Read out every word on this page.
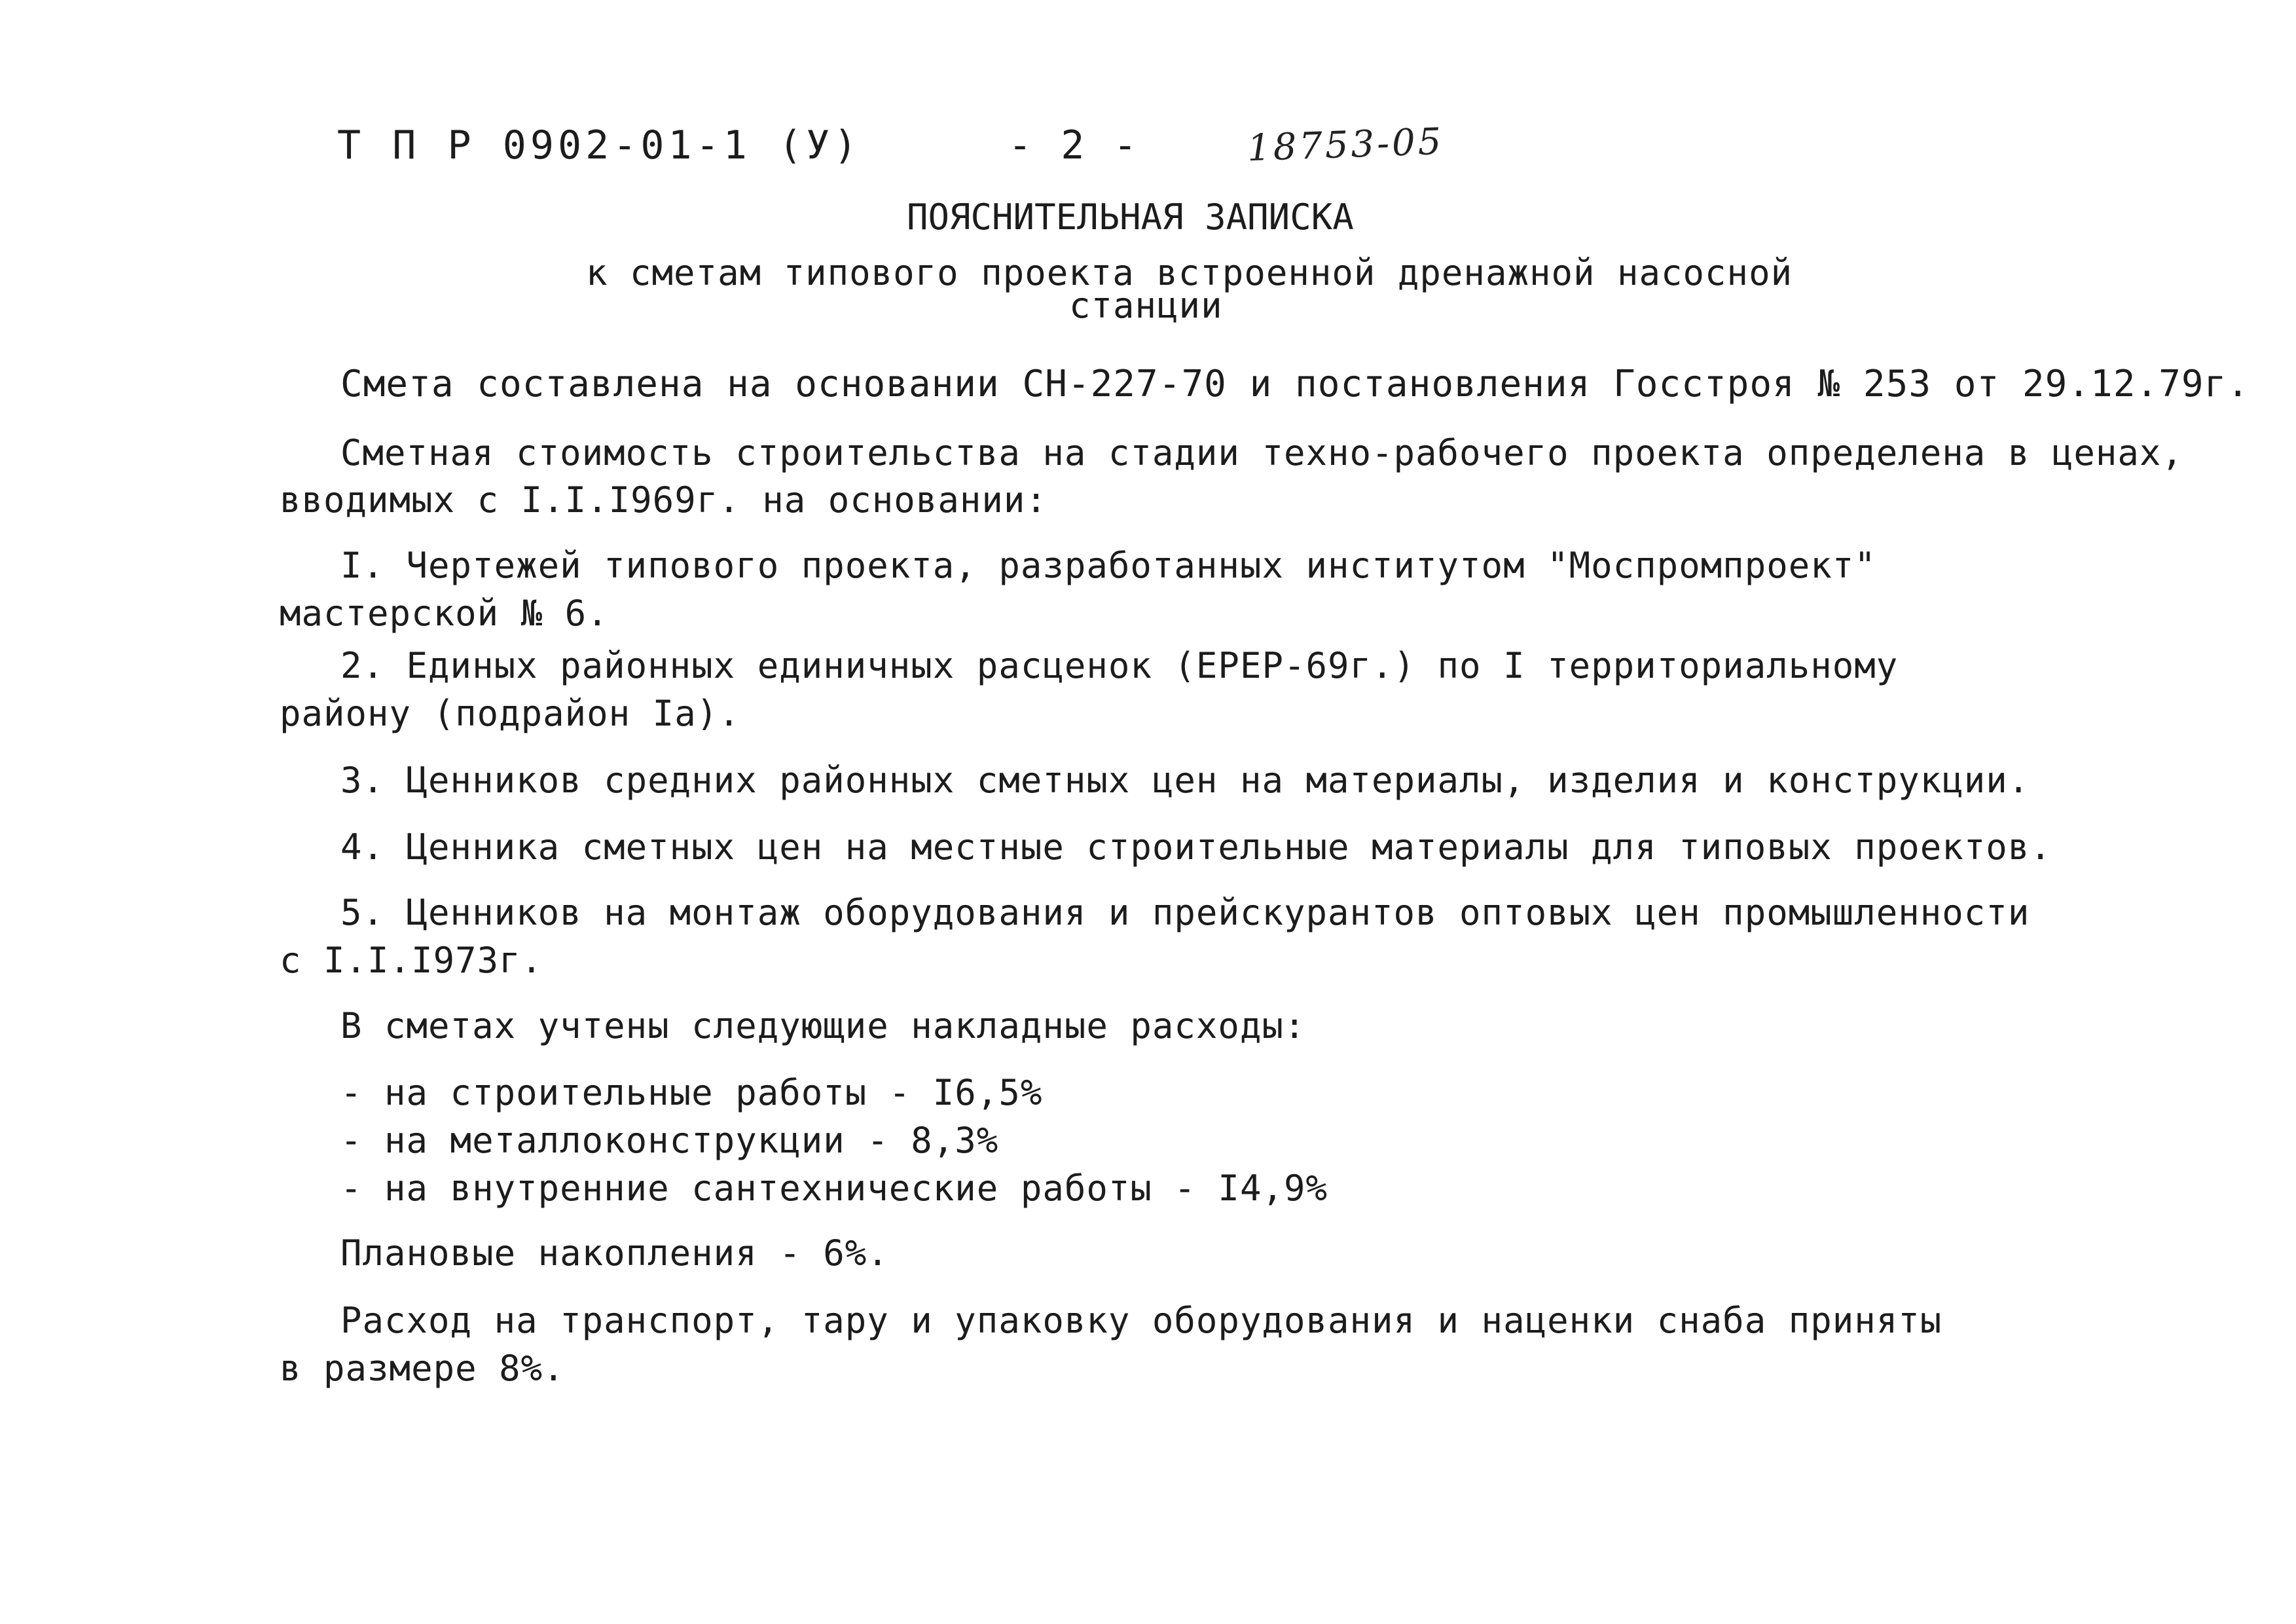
Т П Р 0902-01-1 (У)	- 2 -	18753-05
ПОЯСНИТЕЛЬНАЯ ЗАПИСКА
к сметам типового проекта встроенной дренажной насосной
станции
Смета составлена на основании СН-227-70 и постановления Госстроя № 253 от 29.12.79г.
Сметная стоимость строительства на стадии техно-рабочего проекта определена в ценах,
вводимых с I.I.I969г. на основании:
I. Чертежей типового проекта, разработанных институтом "Моспромпроект"
мастерской № 6.
2. Единых районных единичных расценок (ЕРЕР-69г.) по I территориальному
району (подрайон Iа).
3. Ценников средних районных сметных цен на материалы, изделия и конструкции.
4. Ценника сметных цен на местные строительные материалы для типовых проектов.
5. Ценников на монтаж оборудования и прейскурантов оптовых цен промышленности
с I.I.I973г.
В сметах учтены следующие накладные расходы:
- на строительные работы - I6,5%
- на металлоконструкции - 8,3%
- на внутренние сантехнические работы - I4,9%
Плановые накопления - 6%.
Расход на транспорт, тару и упаковку оборудования и наценки снаба приняты
в размере 8%.
